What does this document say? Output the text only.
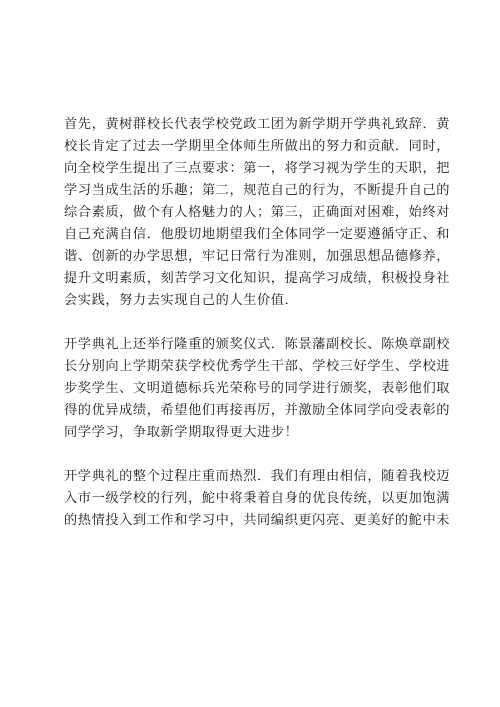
首先，黄树群校长代表学校党政工团为新学期开学典礼致辞．黄
校长肯定了过去一学期里全体师生所做出的努力和贡献．同时，
向全校学生提出了三点要求：第一，将学习视为学生的天职，把
学习当成生活的乐趣；第二，规范自己的行为，不断提升自己的
综合素质，做个有人格魅力的人；第三，正确面对困难，始终对
自己充满自信．他殷切地期望我们全体同学一定要遵循守正、和
谐、创新的办学思想，牢记日常行为准则，加强思想品德修养，
提升文明素质，刻苦学习文化知识，提高学习成绩，积极投身社
会实践，努力去实现自己的人生价值．
开学典礼上还举行隆重的颁奖仪式．陈景藩副校长、陈焕章副校
长分别向上学期荣获学校优秀学生干部、学校三好学生、学校进
步奖学生、文明道德标兵光荣称号的同学进行颁奖，表彰他们取
得的优异成绩，希望他们再接再厉，并激励全体同学向受表彰的
同学学习，争取新学期取得更大进步！
开学典礼的整个过程庄重而热烈．我们有理由相信，随着我校迈
入市一级学校的行列，鮀中将秉着自身的优良传统，以更加饱满
的热情投入到工作和学习中，共同编织更闪亮、更美好的鮀中未
